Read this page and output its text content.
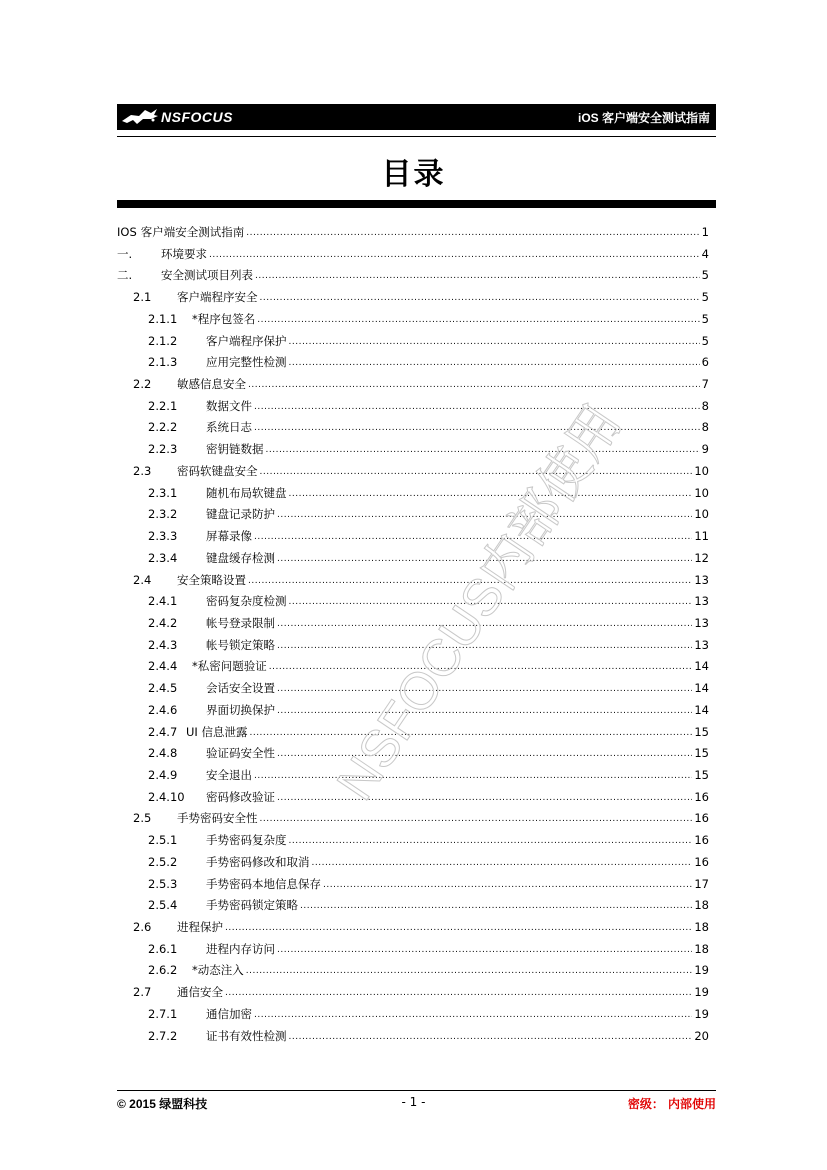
NSFOCUS	iOS 客户端安全测试指南
目录
IOS 客户端安全测试指南 .....	1
一.	环境要求 .....	4
二.	安全测试项目列表 .....	5
2.1	客户端程序安全 .....	5
2.1.1	*程序包签名 .....	5
2.1.2	客户端程序保护 .....	5
2.1.3	应用完整性检测 .....	6
2.2	敏感信息安全 .....	7
2.2.1	数据文件 .....	8
2.2.2	系统日志 .....	8
2.2.3	密钥链数据 .....	9
2.3	密码软键盘安全 .....	10
2.3.1	随机布局软键盘 .....	10
2.3.2	键盘记录防护 .....	10
2.3.3	屏幕录像 .....	11
2.3.4	键盘缓存检测 .....	12
2.4	安全策略设置 .....	13
2.4.1	密码复杂度检测 .....	13
2.4.2	帐号登录限制 .....	13
2.4.3	帐号锁定策略 .....	13
2.4.4	*私密问题验证 .....	14
2.4.5	会话安全设置 .....	14
2.4.6	界面切换保护 .....	14
2.4.7 UI 信息泄露 .....	15
2.4.8	验证码安全性 .....	15
2.4.9	安全退出 .....	15
2.4.10	密码修改验证 .....	16
2.5	手势密码安全性 .....	16
2.5.1	手势密码复杂度 .....	16
2.5.2	手势密码修改和取消 .....	16
2.5.3	手势密码本地信息保存 .....	17
2.5.4	手势密码锁定策略 .....	18
2.6	进程保护 .....	18
2.6.1	进程内存访问 .....	18
2.6.2	*动态注入 .....	19
2.7	通信安全 .....	19
2.7.1	通信加密 .....	19
2.7.2	证书有效性检测 .....	20
NSFOCUS内部使用
© 2015 绿盟科技	- 1 -	密级： 内部使用
